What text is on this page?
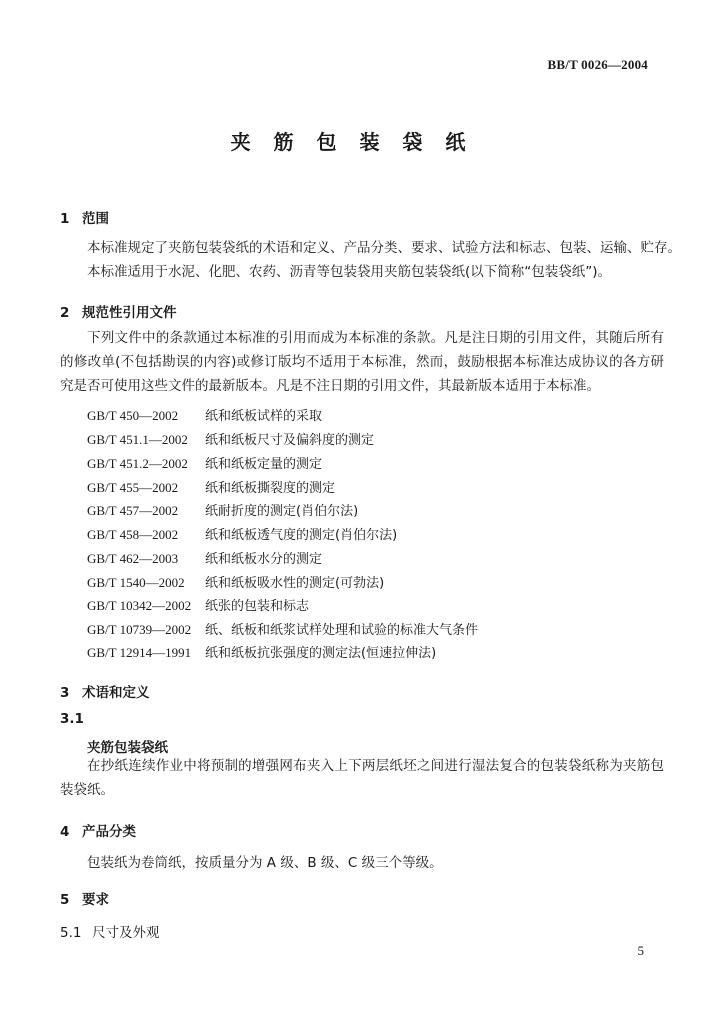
BB/T 0026—2004
夹 筋 包 装 袋 纸
1 范围
本标准规定了夹筋包装袋纸的术语和定义、产品分类、要求、试验方法和标志、包装、运输、贮存。
本标准适用于水泥、化肥、农药、沥青等包装袋用夹筋包装袋纸(以下简称“包装袋纸”)。
2 规范性引用文件
下列文件中的条款通过本标准的引用而成为本标准的条款。凡是注日期的引用文件，其随后所有的修改单(不包括勘误的内容)或修订版均不适用于本标准，然而，鼓励根据本标准达成协议的各方研究是否可使用这些文件的最新版本。凡是不注日期的引用文件，其最新版本适用于本标准。
GB/T 450—2002 纸和纸板试样的采取
GB/T 451.1—2002 纸和纸板尺寸及偏斜度的测定
GB/T 451.2—2002 纸和纸板定量的测定
GB/T 455—2002 纸和纸板撕裂度的测定
GB/T 457—2002 纸耐折度的测定(肖伯尔法)
GB/T 458—2002 纸和纸板透气度的测定(肖伯尔法)
GB/T 462—2003 纸和纸板水分的测定
GB/T 1540—2002 纸和纸板吸水性的测定(可勃法)
GB/T 10342—2002 纸张的包装和标志
GB/T 10739—2002 纸、纸板和纸浆试样处理和试验的标准大气条件
GB/T 12914—1991 纸和纸板抗张强度的测定法(恒速拉伸法)
3 术语和定义
3.1
夹筋包装袋纸
在抄纸连续作业中将预制的增强网布夹入上下两层纸坯之间进行湿法复合的包装袋纸称为夹筋包装袋纸。
4 产品分类
包装纸为卷筒纸，按质量分为 A 级、B 级、C 级三个等级。
5 要求
5.1 尺寸及外观
5
